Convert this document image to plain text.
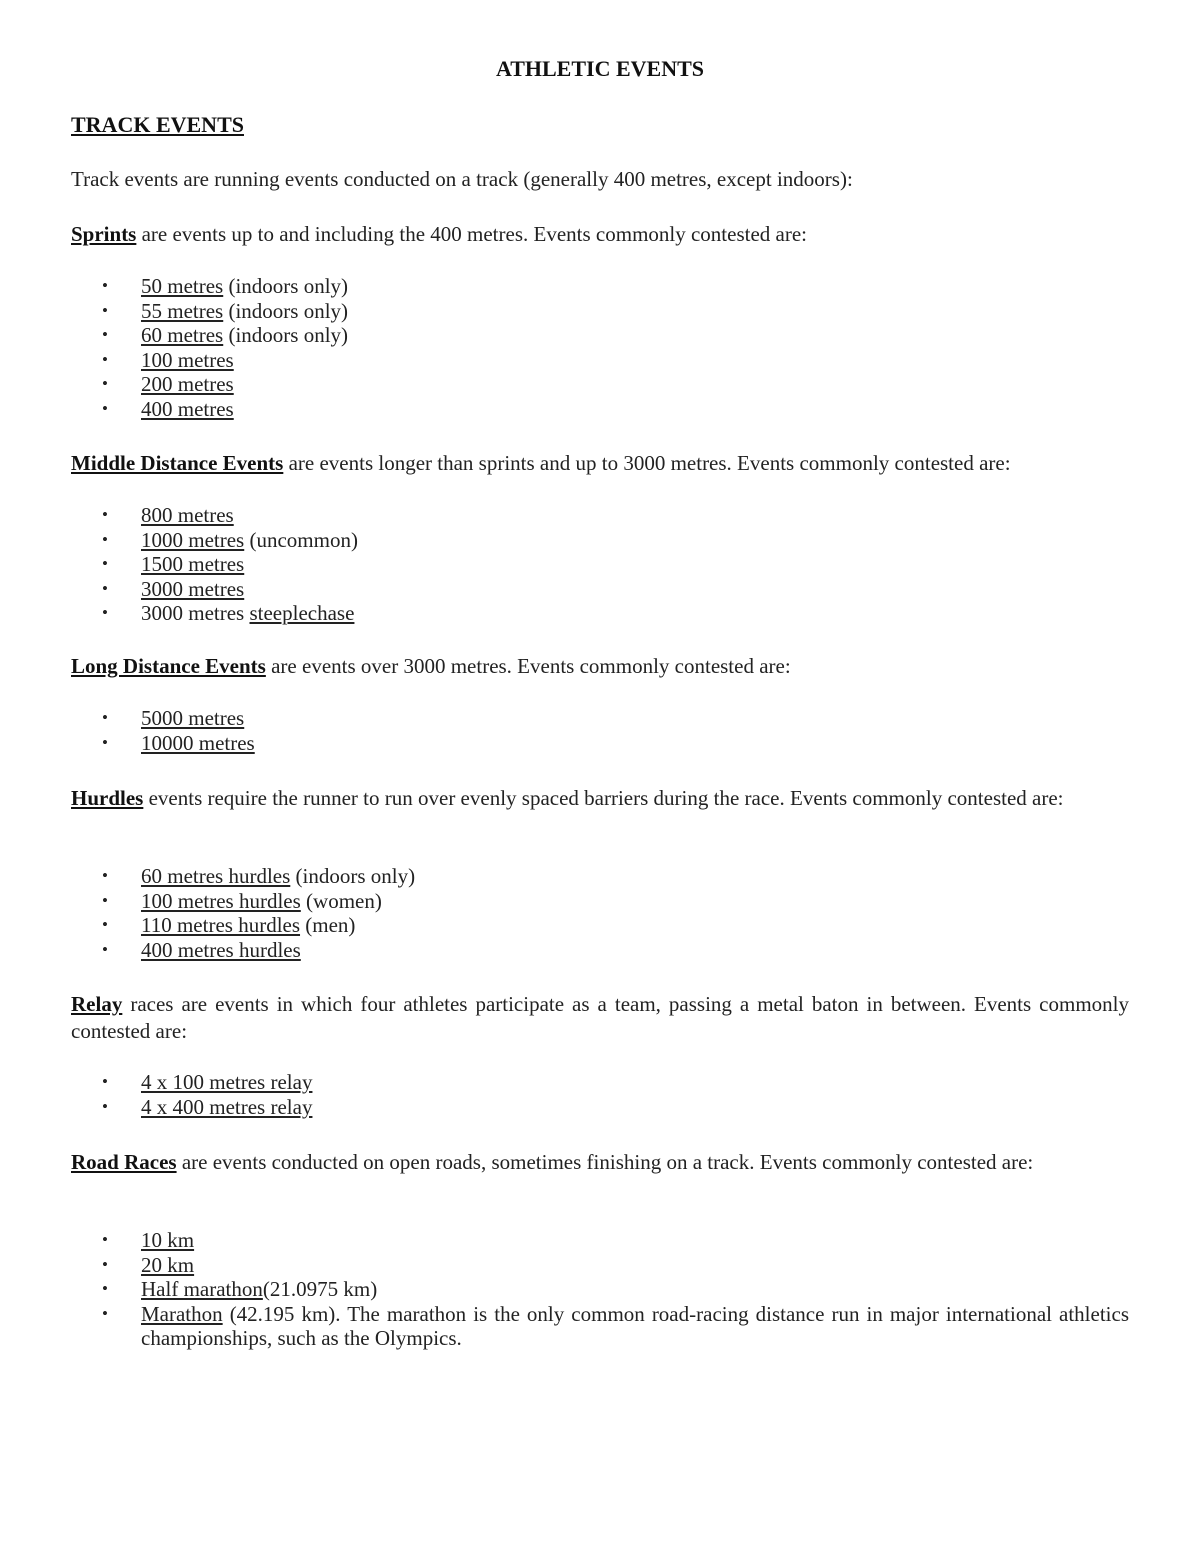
ATHLETIC EVENTS
TRACK EVENTS
Track events are running events conducted on a track (generally 400 metres, except indoors):
Sprints are events up to and including the 400 metres. Events commonly contested are:
• 50 metres (indoors only)
• 55 metres (indoors only)
• 60 metres (indoors only)
• 100 metres
• 200 metres
• 400 metres
Middle Distance Events are events longer than sprints and up to 3000 metres. Events commonly contested are:
• 800 metres
• 1000 metres (uncommon)
• 1500 metres
• 3000 metres
• 3000 metres steeplechase
Long Distance Events are events over 3000 metres. Events commonly contested are:
• 5000 metres
• 10000 metres
Hurdles events require the runner to run over evenly spaced barriers during the race. Events commonly contested are:
• 60 metres hurdles (indoors only)
• 100 metres hurdles (women)
• 110 metres hurdles (men)
• 400 metres hurdles
Relay races are events in which four athletes participate as a team, passing a metal baton in between. Events commonly contested are:
• 4 x 100 metres relay
• 4 x 400 metres relay
Road Races are events conducted on open roads, sometimes finishing on a track. Events commonly contested are:
• 10 km
• 20 km
• Half marathon(21.0975 km)
• Marathon (42.195 km). The marathon is the only common road-racing distance run in major international athletics championships, such as the Olympics.
